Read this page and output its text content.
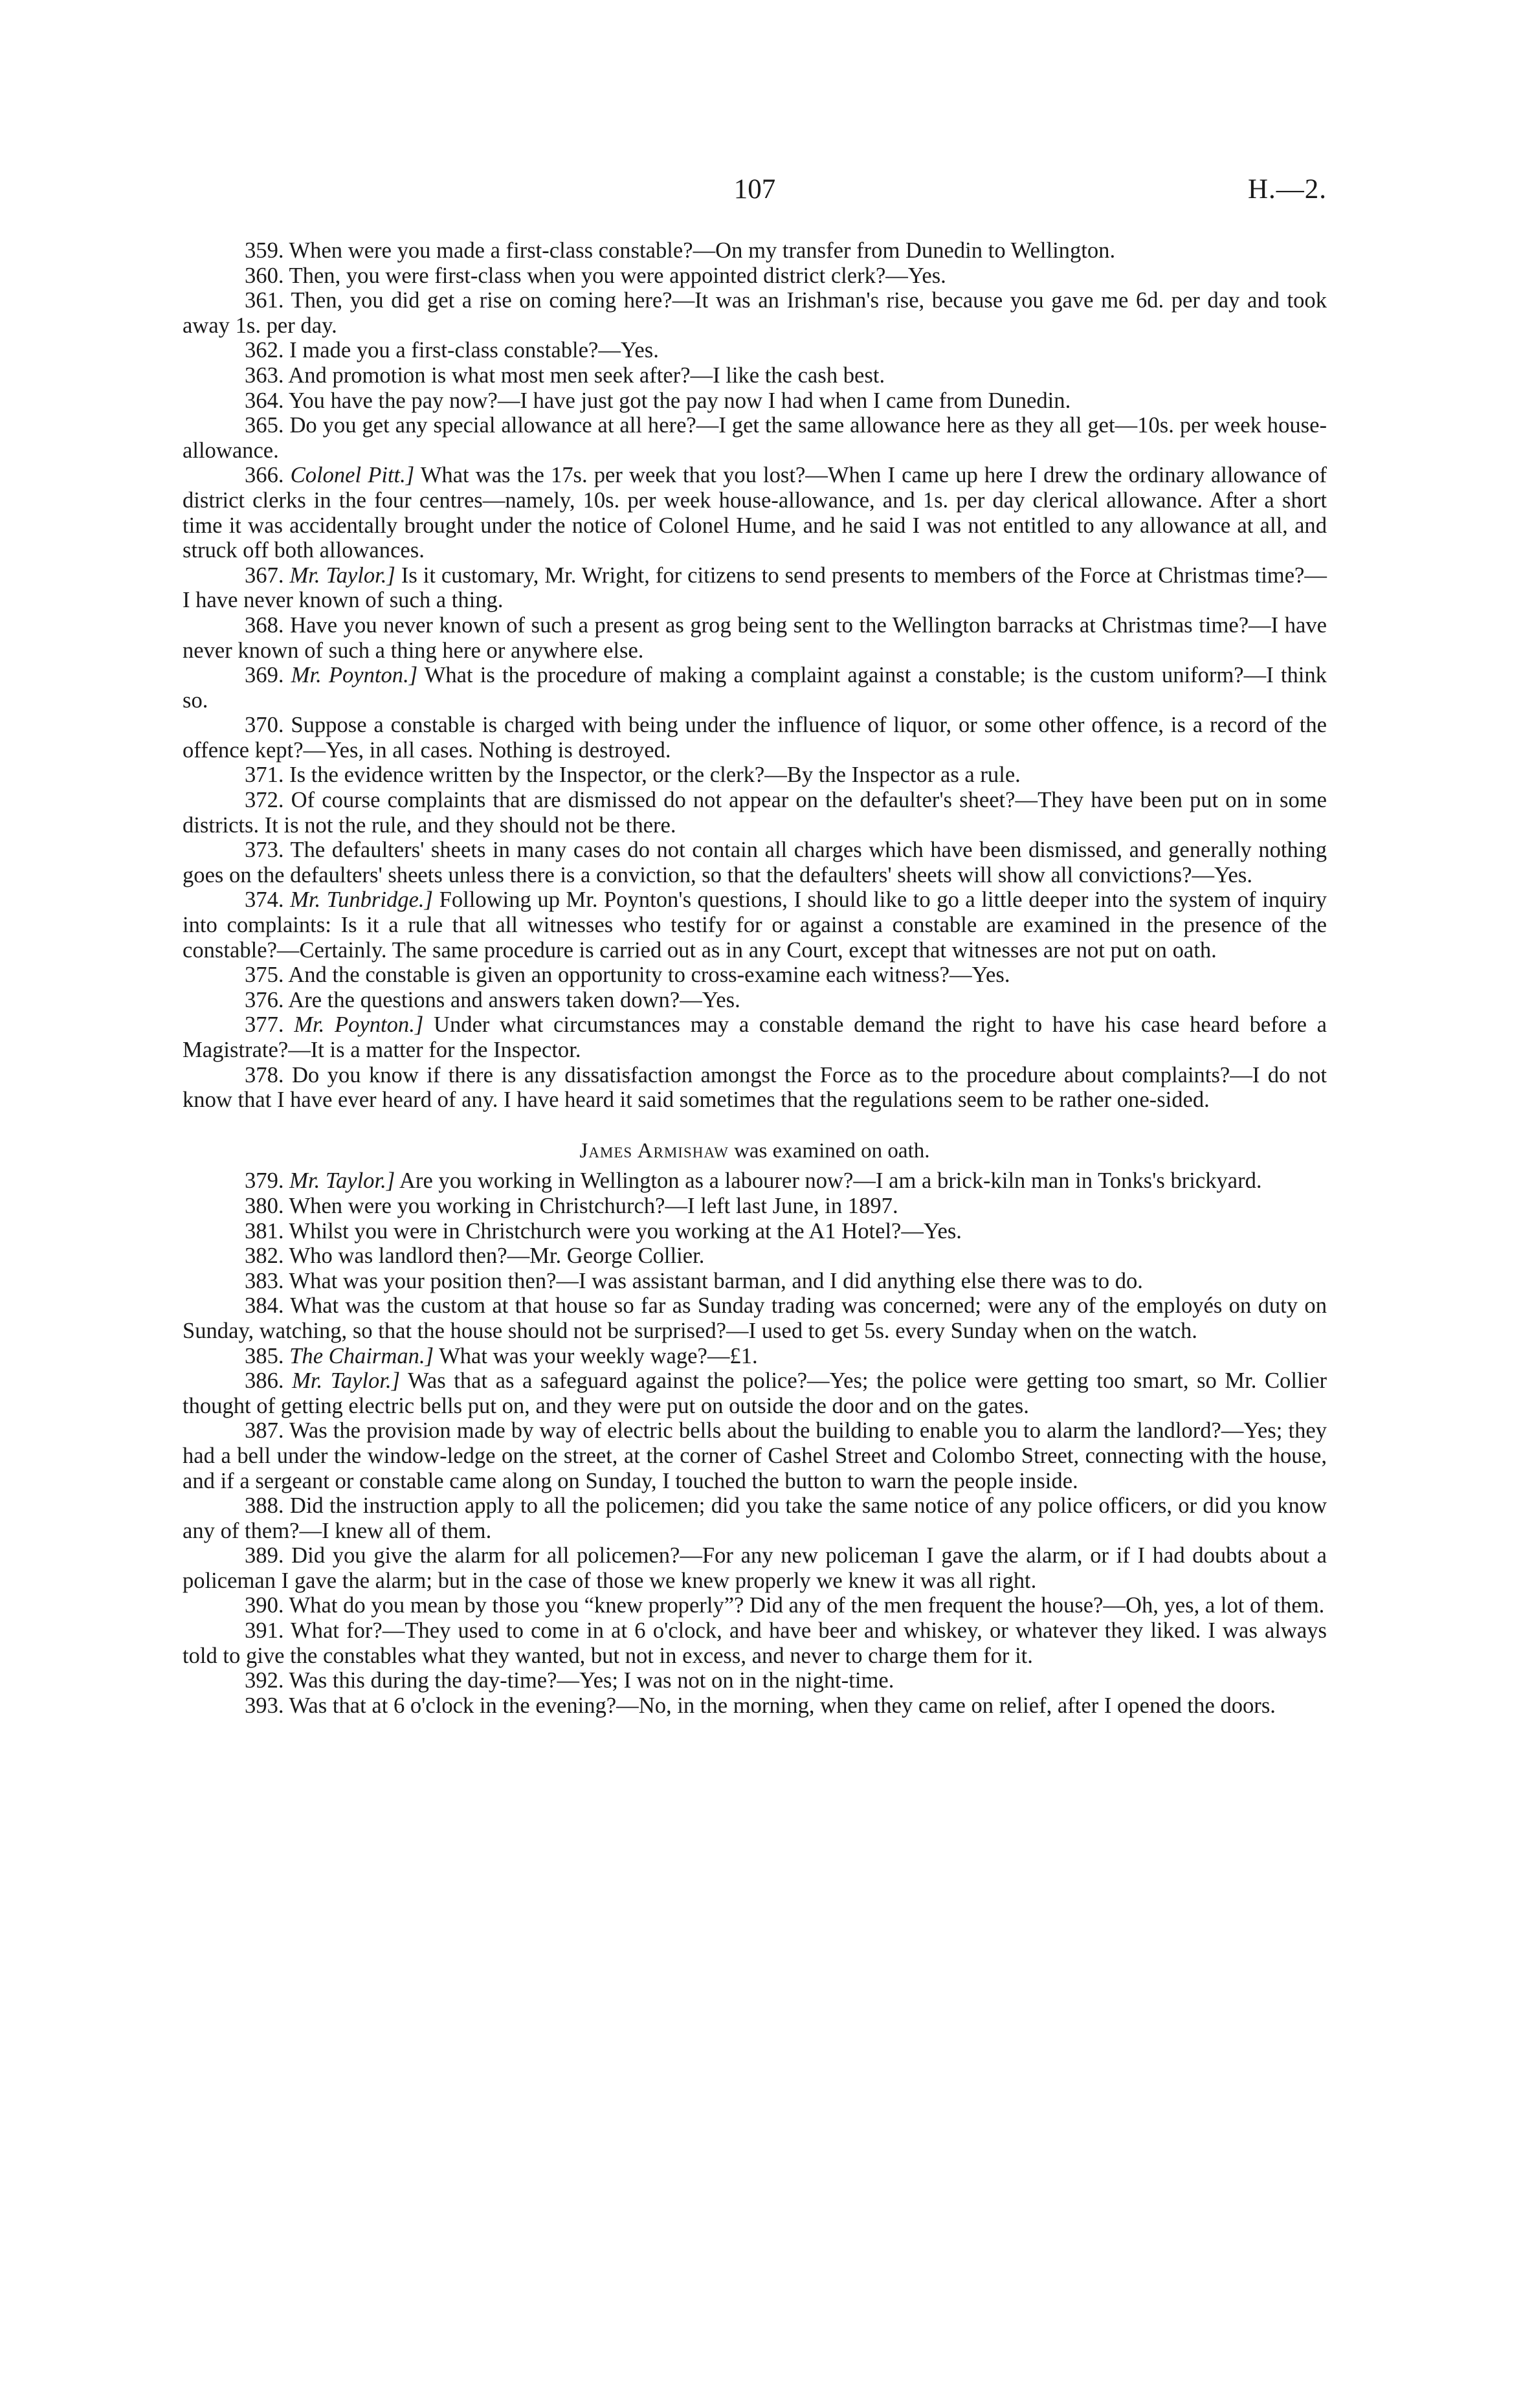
107	H.—2.

359. When were you made a first-class constable?—On my transfer from Dunedin to Wellington.

360. Then, you were first-class when you were appointed district clerk?—Yes.

361. Then, you did get a rise on coming here?—It was an Irishman's rise, because you gave me 6d. per day and took away 1s. per day.

362. I made you a first-class constable?—Yes.

363. And promotion is what most men seek after?—I like the cash best.

364. You have the pay now?—I have just got the pay now I had when I came from Dunedin.

365. Do you get any special allowance at all here?—I get the same allowance here as they all get—10s. per week house-allowance.

366. Colonel Pitt.] What was the 17s. per week that you lost?—When I came up here I drew the ordinary allowance of district clerks in the four centres—namely, 10s. per week house-allowance, and 1s. per day clerical allowance. After a short time it was accidentally brought under the notice of Colonel Hume, and he said I was not entitled to any allowance at all, and struck off both allowances.

367. Mr. Taylor.] Is it customary, Mr. Wright, for citizens to send presents to members of the Force at Christmas time?—I have never known of such a thing.

368. Have you never known of such a present as grog being sent to the Wellington barracks at Christmas time?—I have never known of such a thing here or anywhere else.

369. Mr. Poynton.] What is the procedure of making a complaint against a constable; is the custom uniform?—I think so.

370. Suppose a constable is charged with being under the influence of liquor, or some other offence, is a record of the offence kept?—Yes, in all cases. Nothing is destroyed.

371. Is the evidence written by the Inspector, or the clerk?—By the Inspector as a rule.

372. Of course complaints that are dismissed do not appear on the defaulter's sheet?—They have been put on in some districts. It is not the rule, and they should not be there.

373. The defaulters' sheets in many cases do not contain all charges which have been dismissed, and generally nothing goes on the defaulters' sheets unless there is a conviction, so that the defaulters' sheets will show all convictions?—Yes.

374. Mr. Tunbridge.] Following up Mr. Poynton's questions, I should like to go a little deeper into the system of inquiry into complaints: Is it a rule that all witnesses who testify for or against a constable are examined in the presence of the constable?—Certainly. The same procedure is carried out as in any Court, except that witnesses are not put on oath.

375. And the constable is given an opportunity to cross-examine each witness?—Yes.

376. Are the questions and answers taken down?—Yes.

377. Mr. Poynton.] Under what circumstances may a constable demand the right to have his case heard before a Magistrate?—It is a matter for the Inspector.

378. Do you know if there is any dissatisfaction amongst the Force as to the procedure about complaints?—I do not know that I have ever heard of any. I have heard it said sometimes that the regulations seem to be rather one-sided.

James Armishaw was examined on oath.

379. Mr. Taylor.] Are you working in Wellington as a labourer now?—I am a brick-kiln man in Tonks's brickyard.

380. When were you working in Christchurch?—I left last June, in 1897.

381. Whilst you were in Christchurch were you working at the A1 Hotel?—Yes.

382. Who was landlord then?—Mr. George Collier.

383. What was your position then?—I was assistant barman, and I did anything else there was to do.

384. What was the custom at that house so far as Sunday trading was concerned; were any of the employés on duty on Sunday, watching, so that the house should not be surprised?—I used to get 5s. every Sunday when on the watch.

385. The Chairman.] What was your weekly wage?—£1.

386. Mr. Taylor.] Was that as a safeguard against the police?—Yes; the police were getting too smart, so Mr. Collier thought of getting electric bells put on, and they were put on outside the door and on the gates.

387. Was the provision made by way of electric bells about the building to enable you to alarm the landlord?—Yes; they had a bell under the window-ledge on the street, at the corner of Cashel Street and Colombo Street, connecting with the house, and if a sergeant or constable came along on Sunday, I touched the button to warn the people inside.

388. Did the instruction apply to all the policemen; did you take the same notice of any police officers, or did you know any of them?—I knew all of them.

389. Did you give the alarm for all policemen?—For any new policeman I gave the alarm, or if I had doubts about a policeman I gave the alarm; but in the case of those we knew properly we knew it was all right.

390. What do you mean by those you “knew properly”? Did any of the men frequent the house?—Oh, yes, a lot of them.

391. What for?—They used to come in at 6 o'clock, and have beer and whiskey, or whatever they liked. I was always told to give the constables what they wanted, but not in excess, and never to charge them for it.

392. Was this during the day-time?—Yes; I was not on in the night-time.

393. Was that at 6 o'clock in the evening?—No, in the morning, when they came on relief, after I opened the doors.
